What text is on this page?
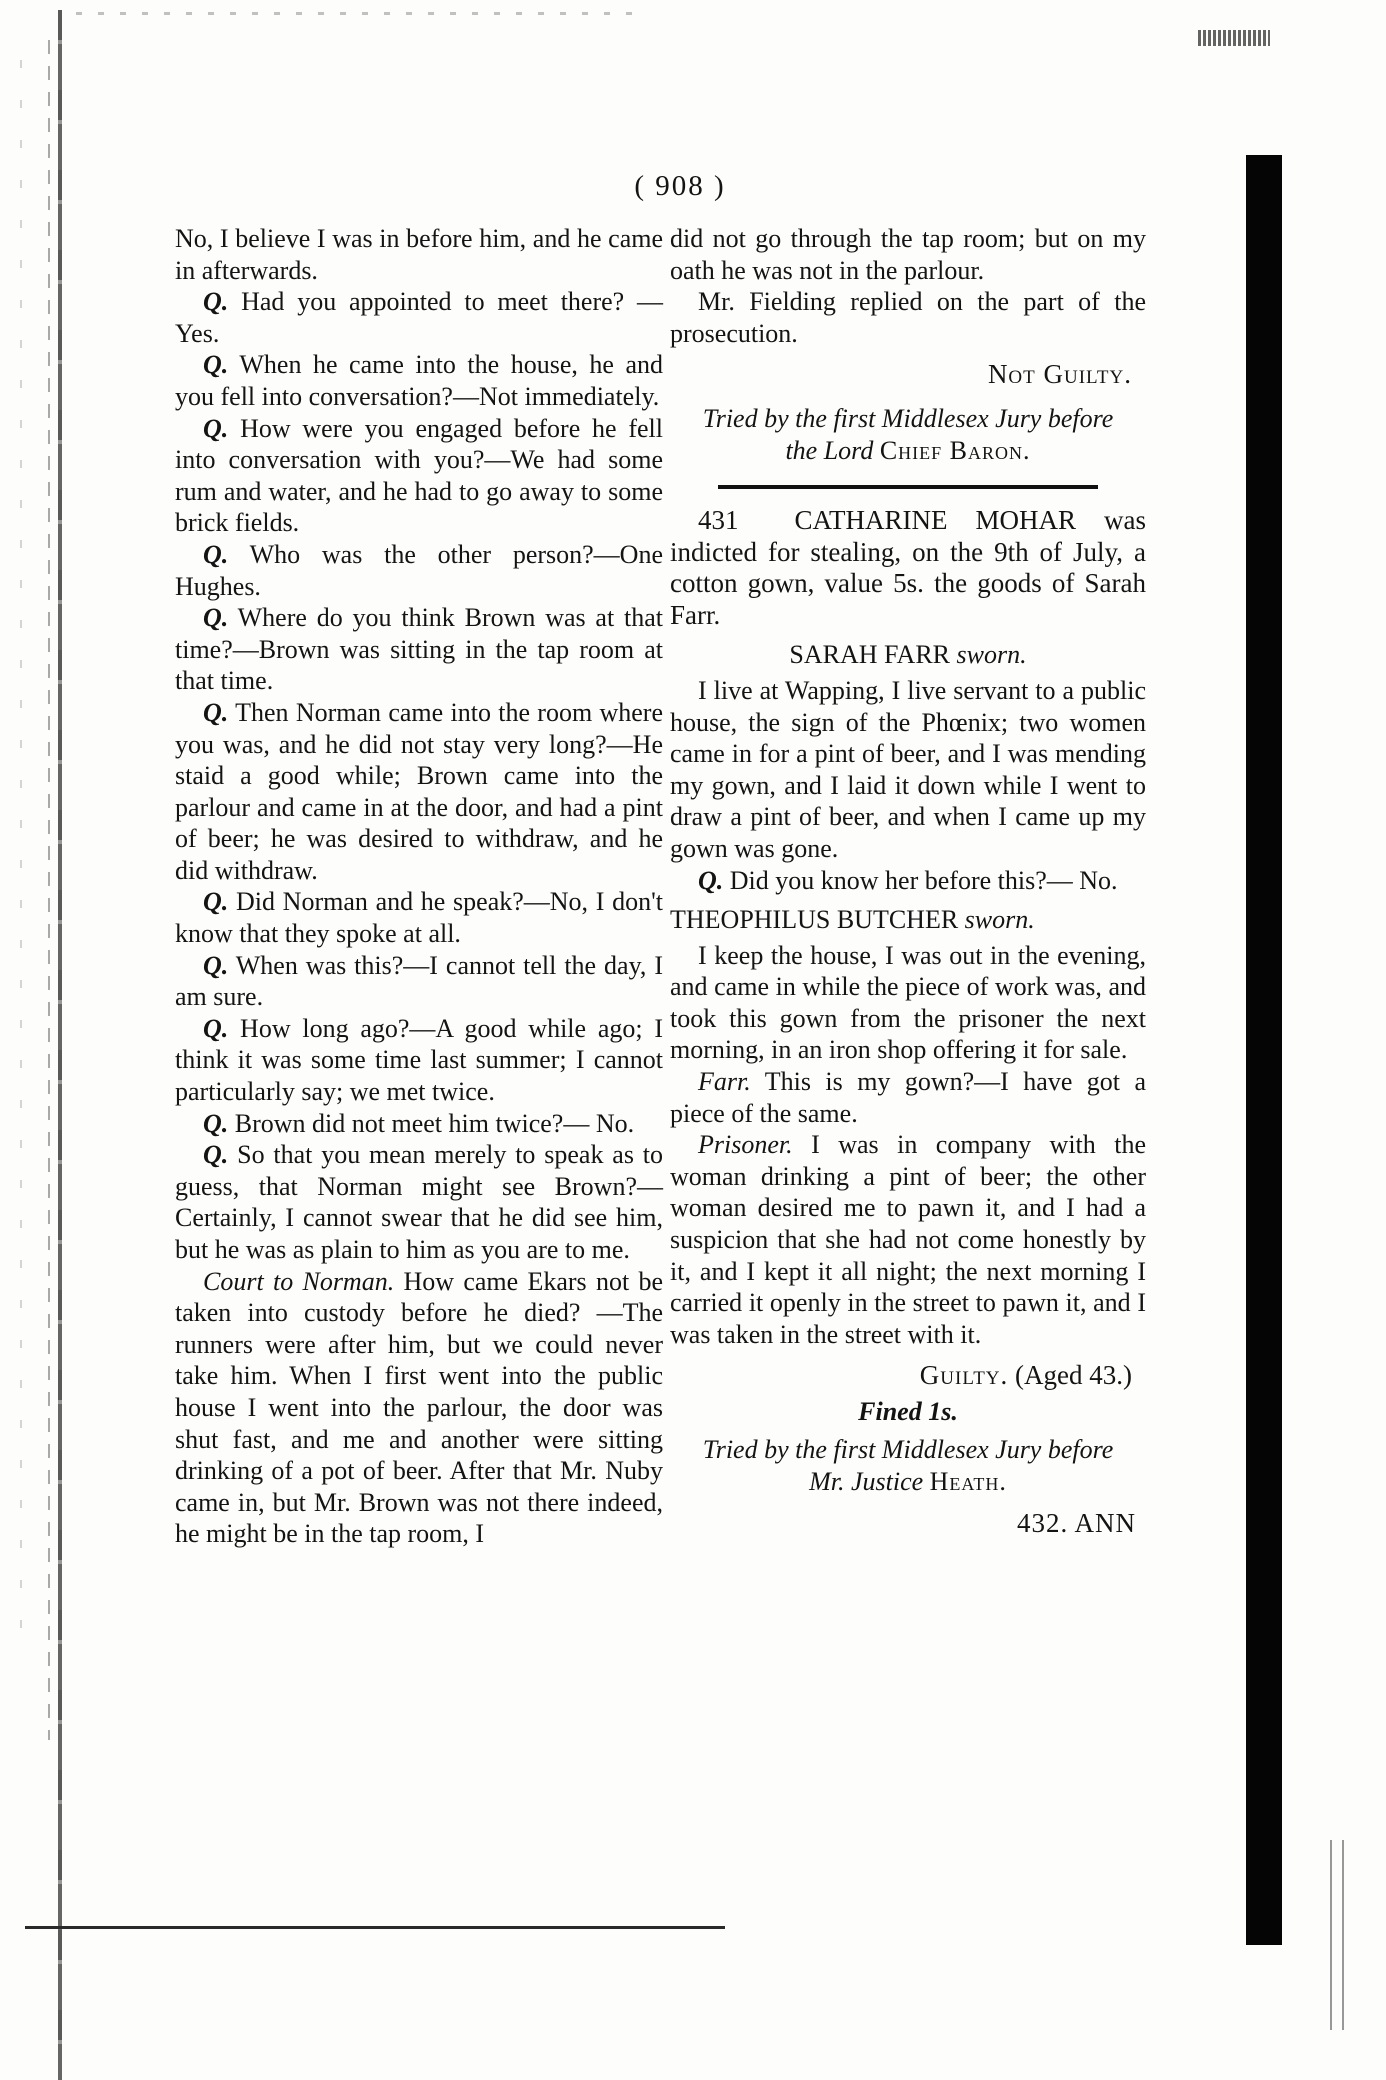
( 908 )

No, I believe I was in before him, and he came in afterwards.

Q. Had you appointed to meet there? —Yes.

Q. When he came into the house, he and you fell into conversation?—Not immediately.

Q. How were you engaged before he fell into conversation with you?—We had some rum and water, and he had to go away to some brick fields.

Q. Who was the other person?—One Hughes.

Q. Where do you think Brown was at that time?—Brown was sitting in the tap room at that time.

Q. Then Norman came into the room where you was, and he did not stay very long?—He staid a good while; Brown came into the parlour and came in at the door, and had a pint of beer; he was desired to withdraw, and he did withdraw.

Q. Did Norman and he speak?—No, I don't know that they spoke at all.

Q. When was this?—I cannot tell the day, I am sure.

Q. How long ago?—A good while ago; I think it was some time last summer; I cannot particularly say; we met twice.

Q. Brown did not meet him twice?— No.

Q. So that you mean merely to speak as to guess, that Norman might see Brown?—Certainly, I cannot swear that he did see him, but he was as plain to him as you are to me.

Court to Norman. How came Ekars not be taken into custody before he died? —The runners were after him, but we could never take him. When I first went into the public house I went into the parlour, the door was shut fast, and me and another were sitting drinking of a pot of beer. After that Mr. Nuby came in, but Mr. Brown was not there indeed, he might be in the tap room, I

did not go through the tap room; but on my oath he was not in the parlour.

Mr. Fielding replied on the part of the prosecution.

Not Guilty.

Tried by the first Middlesex Jury before

the Lord Chief Baron.

431 CATHARINE MOHAR was indicted for stealing, on the 9th of July, a cotton gown, value 5s. the goods of Sarah Farr.

SARAH FARR sworn.

I live at Wapping, I live servant to a public house, the sign of the Phœnix; two women came in for a pint of beer, and I was mending my gown, and I laid it down while I went to draw a pint of beer, and when I came up my gown was gone.

Q. Did you know her before this?— No.

THEOPHILUS BUTCHER sworn.

I keep the house, I was out in the evening, and came in while the piece of work was, and took this gown from the prisoner the next morning, in an iron shop offering it for sale.

Farr. This is my gown?—I have got a piece of the same.

Prisoner. I was in company with the woman drinking a pint of beer; the other woman desired me to pawn it, and I had a suspicion that she had not come honestly by it, and I kept it all night; the next morning I carried it openly in the street to pawn it, and I was taken in the street with it.

Guilty. (Aged 43.)

Fined 1s.

Tried by the first Middlesex Jury before

Mr. Justice Heath.

432. ANN
